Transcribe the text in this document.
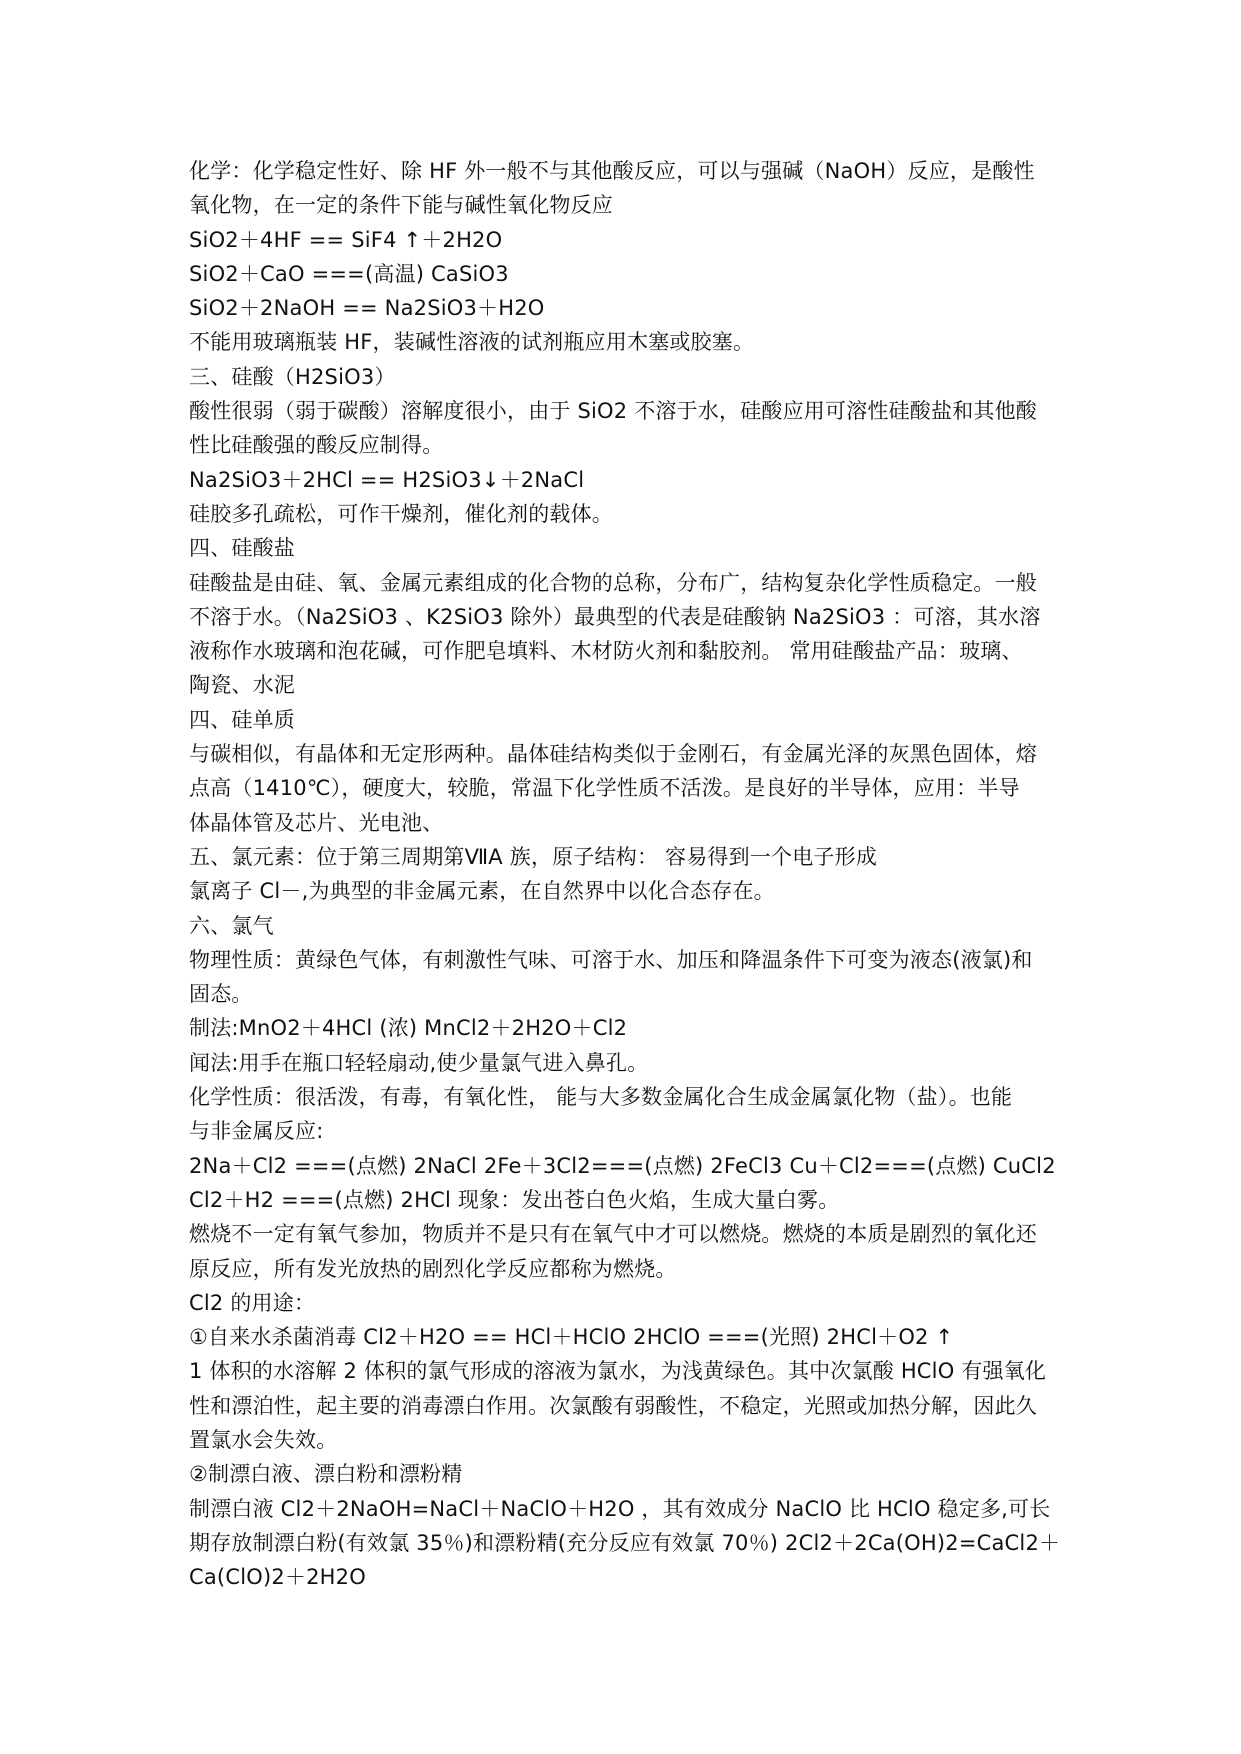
化学：化学稳定性好、除 HF 外一般不与其他酸反应，可以与强碱（NaOH）反应，是酸性
氧化物，在一定的条件下能与碱性氧化物反应
SiO2＋4HF == SiF4 ↑＋2H2O
SiO2＋CaO ===(高温) CaSiO3
SiO2＋2NaOH == Na2SiO3＋H2O
不能用玻璃瓶装 HF，装碱性溶液的试剂瓶应用木塞或胶塞。
三、硅酸（H2SiO3）
酸性很弱（弱于碳酸）溶解度很小，由于 SiO2 不溶于水，硅酸应用可溶性硅酸盐和其他酸
性比硅酸强的酸反应制得。
Na2SiO3＋2HCl == H2SiO3↓＋2NaCl
硅胶多孔疏松，可作干燥剂，催化剂的载体。
四、硅酸盐
硅酸盐是由硅、氧、金属元素组成的化合物的总称，分布广，结构复杂化学性质稳定。一般
不溶于水。（Na2SiO3 、K2SiO3 除外）最典型的代表是硅酸钠 Na2SiO3 ：可溶，其水溶
液称作水玻璃和泡花碱，可作肥皂填料、木材防火剂和黏胶剂。 常用硅酸盐产品：玻璃、
陶瓷、水泥
四、硅单质
与碳相似，有晶体和无定形两种。晶体硅结构类似于金刚石，有金属光泽的灰黑色固体，熔
点高（1410℃），硬度大，较脆，常温下化学性质不活泼。是良好的半导体，应用：半导
体晶体管及芯片、光电池、
五、氯元素：位于第三周期第ⅦA 族，原子结构： 容易得到一个电子形成
氯离子 Cl－,为典型的非金属元素，在自然界中以化合态存在。
六、氯气
物理性质：黄绿色气体，有刺激性气味、可溶于水、加压和降温条件下可变为液态(液氯)和
固态。
制法:MnO2＋4HCl (浓) MnCl2＋2H2O＋Cl2
闻法:用手在瓶口轻轻扇动,使少量氯气进入鼻孔。
化学性质：很活泼，有毒，有氧化性， 能与大多数金属化合生成金属氯化物（盐）。也能
与非金属反应:
2Na＋Cl2 ===(点燃) 2NaCl 2Fe＋3Cl2===(点燃) 2FeCl3 Cu＋Cl2===(点燃) CuCl2
Cl2＋H2 ===(点燃) 2HCl 现象：发出苍白色火焰，生成大量白雾。
燃烧不一定有氧气参加，物质并不是只有在氧气中才可以燃烧。燃烧的本质是剧烈的氧化还
原反应，所有发光放热的剧烈化学反应都称为燃烧。
Cl2 的用途：
①自来水杀菌消毒 Cl2＋H2O == HCl＋HClO 2HClO ===(光照) 2HCl＋O2 ↑
1 体积的水溶解 2 体积的氯气形成的溶液为氯水，为浅黄绿色。其中次氯酸 HClO 有强氧化
性和漂泊性，起主要的消毒漂白作用。次氯酸有弱酸性，不稳定，光照或加热分解，因此久
置氯水会失效。
②制漂白液、漂白粉和漂粉精
制漂白液 Cl2＋2NaOH=NaCl＋NaClO＋H2O ，其有效成分 NaClO 比 HClO 稳定多,可长
期存放制漂白粉(有效氯 35％)和漂粉精(充分反应有效氯 70％) 2Cl2＋2Ca(OH)2=CaCl2＋
Ca(ClO)2＋2H2O
